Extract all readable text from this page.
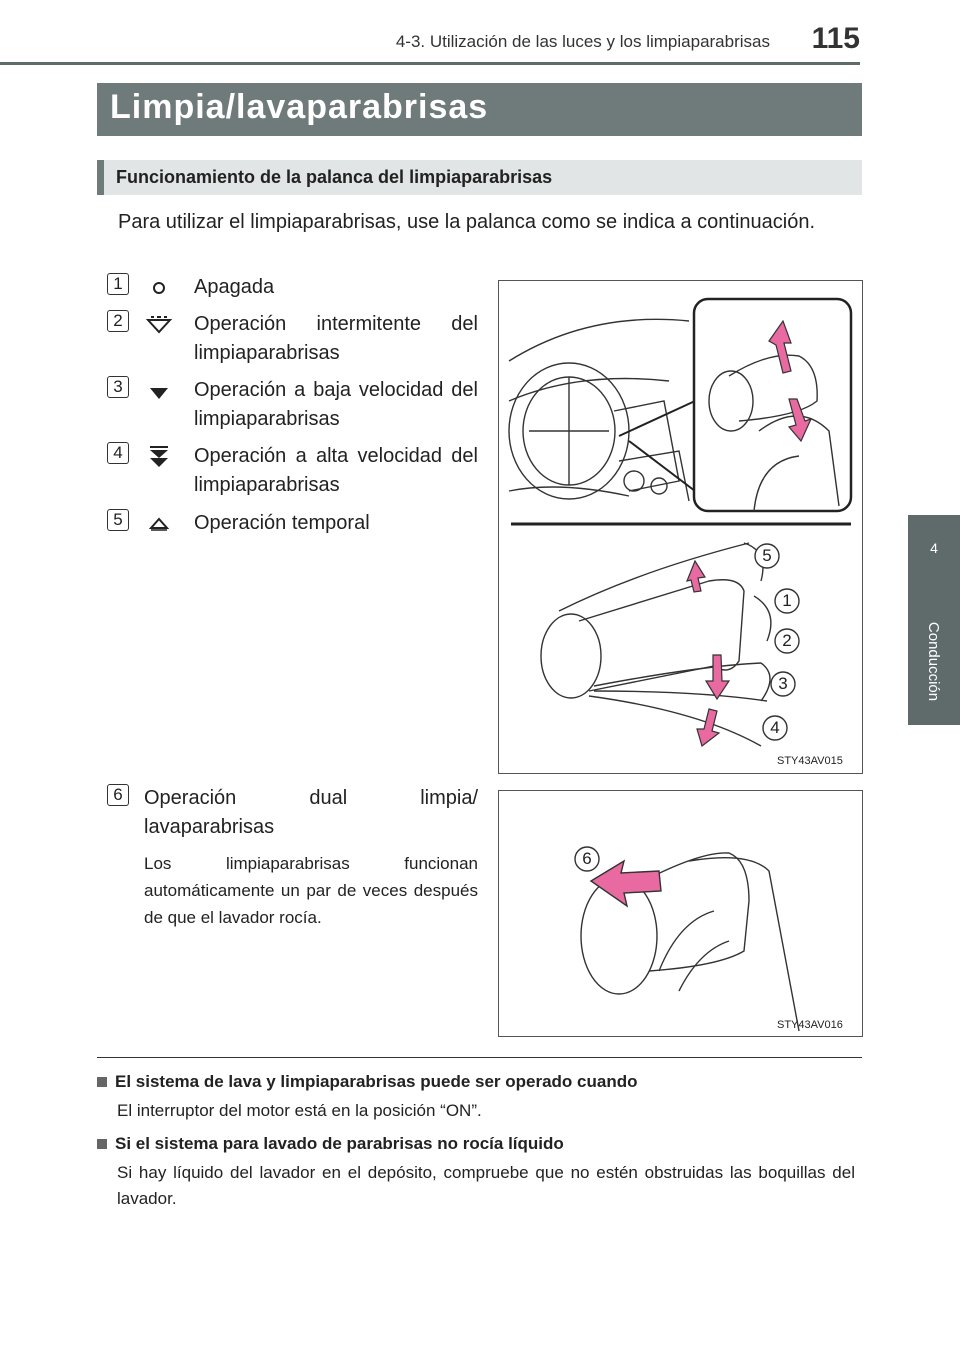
4-3. Utilización de las luces y los limpiaparabrisas	115
4
Conducción
Limpia/lavaparabrisas
Funcionamiento de la palanca del limpiaparabrisas
Para utilizar el limpiaparabrisas, use la palanca como se indica a continuación.
1	Apagada
2	Operación intermitente del limpiaparabrisas
3	Operación a baja velocidad del limpiaparabrisas
4	Operación a alta velocidad del limpiaparabrisas
5	Operación temporal
5
1
2
3
4
STY43AV015
6	Operación dual limpia/ lavaparabrisas
Los limpiaparabrisas funcionan automáticamente un par de veces después de que el lavador rocía.
6
STY43AV016
El sistema de lava y limpiaparabrisas puede ser operado cuando
El interruptor del motor está en la posición “ON”.
Si el sistema para lavado de parabrisas no rocía líquido
Si hay líquido del lavador en el depósito, compruebe que no estén obstruidas las boquillas del lavador.
